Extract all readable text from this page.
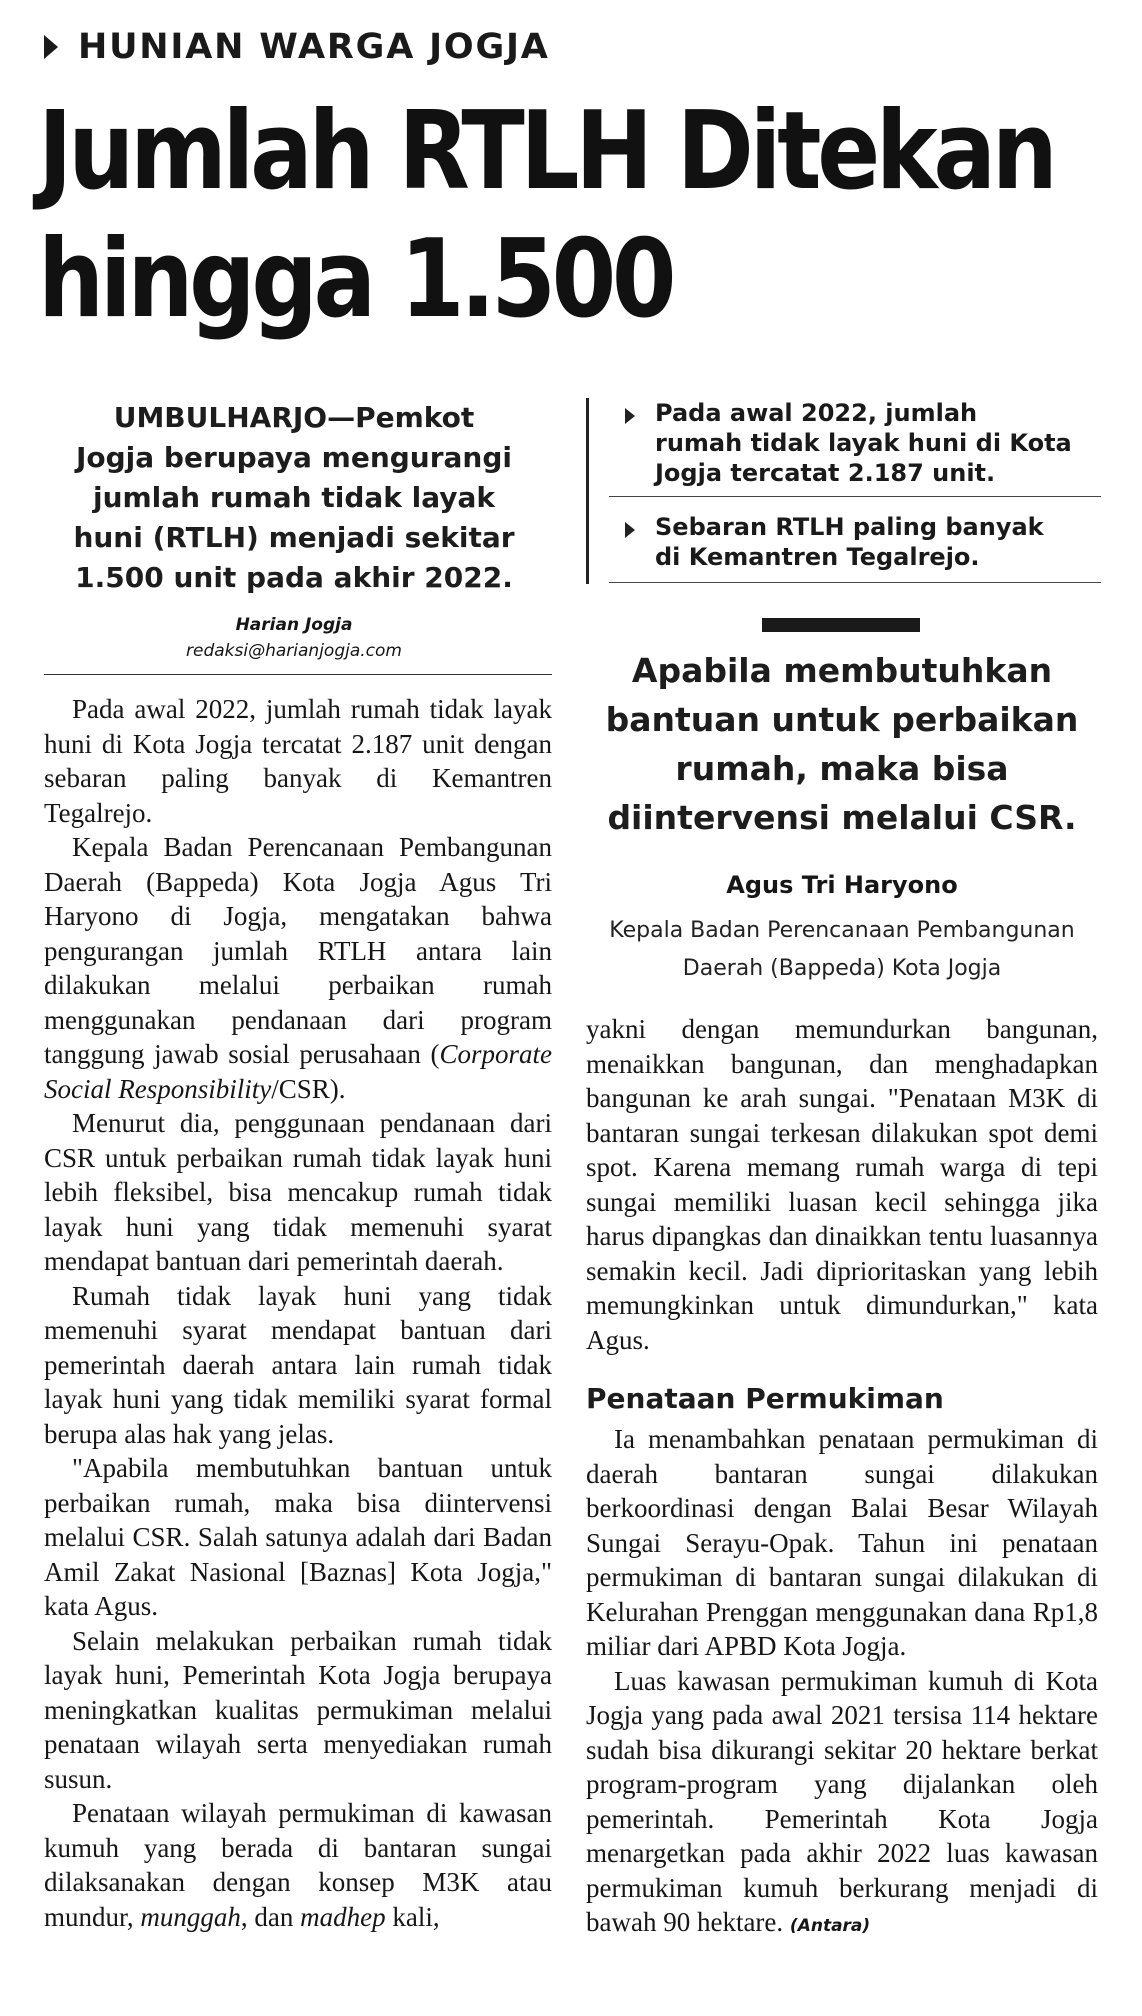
HUNIAN WARGA JOGJA
Jumlah RTLH Ditekan
hingga 1.500

UMBULHARJO—Pemkot

Jogja berupaya mengurangi

jumlah rumah tidak layak

huni (RTLH) menjadi sekitar

1.500 unit pada akhir 2022.

Harian Jogja
redaksi@harianjogja.com

Pada awal 2022, jumlah

rumah tidak layak huni di Kota

Jogja tercatat 2.187 unit.

Sebaran RTLH paling banyak

di Kemantren Tegalrejo.

Apabila membutuhkan

bantuan untuk perbaikan

rumah, maka bisa

diintervensi melalui CSR.

Agus Tri Haryono

Kepala Badan Perencanaan Pembangunan

Daerah (Bappeda) Kota Jogja

Pada awal 2022, jumlah rumah tidak layak huni di Kota Jogja tercatat 2.187 unit dengan sebaran paling banyak di Kemantren Tegalrejo.

Kepala Badan Perencanaan Pembangunan Daerah (Bappeda) Kota Jogja Agus Tri Haryono di Jogja, mengatakan bahwa pengurangan jumlah RTLH antara lain dilakukan melalui perbaikan rumah menggunakan pendanaan dari program tanggung jawab sosial perusahaan (Corporate Social Responsibility/CSR).

Menurut dia, penggunaan pendanaan dari CSR untuk perbaikan rumah tidak layak huni lebih fleksibel, bisa mencakup rumah tidak layak huni yang tidak memenuhi syarat mendapat bantuan dari pemerintah daerah.

Rumah tidak layak huni yang tidak memenuhi syarat mendapat bantuan dari pemerintah daerah antara lain rumah tidak layak huni yang tidak memiliki syarat formal berupa alas hak yang jelas.

"Apabila membutuhkan bantuan untuk perbaikan rumah, maka bisa diintervensi melalui CSR. Salah satunya adalah dari Badan Amil Zakat Nasional [Baznas] Kota Jogja," kata Agus.

Selain melakukan perbaikan rumah tidak layak huni, Pemerintah Kota Jogja berupaya meningkatkan kualitas permukiman melalui penataan wilayah serta menyediakan rumah susun.

Penataan wilayah permukiman di kawasan kumuh yang berada di bantaran sungai dilaksanakan dengan konsep M3K atau mundur, munggah, dan madhep kali,

yakni dengan memundurkan bangunan, menaikkan bangunan, dan menghadapkan bangunan ke arah sungai. "Penataan M3K di bantaran sungai terkesan dilakukan spot demi spot. Karena memang rumah warga di tepi sungai memiliki luasan kecil sehingga jika harus dipangkas dan dinaikkan tentu luasannya semakin kecil. Jadi diprioritaskan yang lebih memungkinkan untuk dimundurkan," kata Agus.

Penataan Permukiman

Ia menambahkan penataan permukiman di daerah bantaran sungai dilakukan berkoordinasi dengan Balai Besar Wilayah Sungai Serayu-Opak. Tahun ini penataan permukiman di bantaran sungai dilakukan di Kelurahan Prenggan menggunakan dana Rp1,8 miliar dari APBD Kota Jogja.

Luas kawasan permukiman kumuh di Kota Jogja yang pada awal 2021 tersisa 114 hektare sudah bisa dikurangi sekitar 20 hektare berkat program-program yang dijalankan oleh pemerintah. Pemerintah Kota Jogja menargetkan pada akhir 2022 luas kawasan permukiman kumuh berkurang menjadi di bawah 90 hektare. (Antara)
